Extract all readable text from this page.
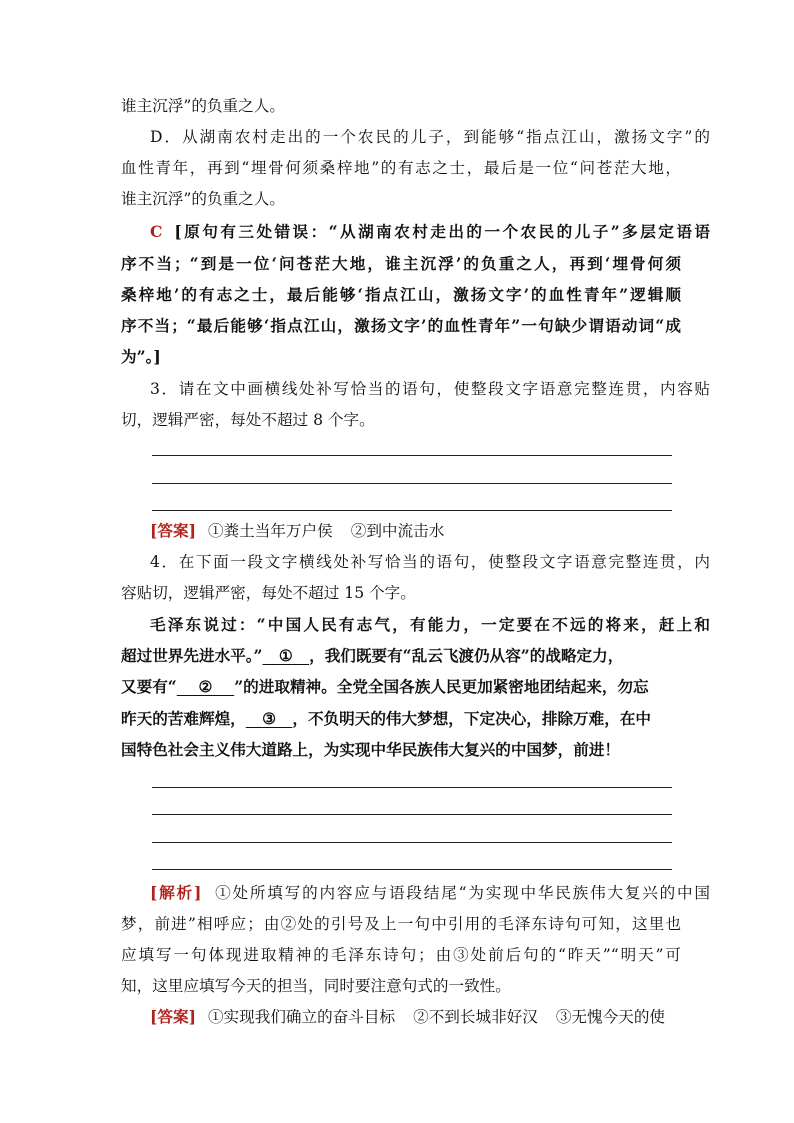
谁主沉浮”的负重之人。
D．从湖南农村走出的一个农民的儿子，到能够“指点江山，激扬文字”的
血性青年，再到“埋骨何须桑梓地”的有志之士，最后是一位“问苍茫大地，
谁主沉浮”的负重之人。
C [原句有三处错误：“从湖南农村走出的一个农民的儿子”多层定语语
序不当；“到是一位‘问苍茫大地，谁主沉浮’的负重之人，再到‘埋骨何须
桑梓地’的有志之士，最后能够‘指点江山，激扬文字’的血性青年”逻辑顺
序不当；“最后能够‘指点江山，激扬文字’的血性青年”一句缺少谓语动词“成
为”。]
3．请在文中画横线处补写恰当的语句，使整段文字语意完整连贯，内容贴
切，逻辑严密，每处不超过 8 个字。
[答案] ①粪土当年万户侯 ②到中流击水
4．在下面一段文字横线处补写恰当的语句，使整段文字语意完整连贯，内
容贴切，逻辑严密，每处不超过 15 个字。
毛泽东说过：“中国人民有志气，有能力，一定要在不远的将来，赶上和
超过世界先进水平。” ① ，我们既要有“乱云飞渡仍从容”的战略定力，
又要有“ ② ”的进取精神。全党全国各族人民更加紧密地团结起来，勿忘
昨天的苦难辉煌， ③ ，不负明天的伟大梦想，下定决心，排除万难，在中
国特色社会主义伟大道路上，为实现中华民族伟大复兴的中国梦，前进！
[解析] ①处所填写的内容应与语段结尾“为实现中华民族伟大复兴的中国
梦，前进”相呼应；由②处的引号及上一句中引用的毛泽东诗句可知，这里也
应填写一句体现进取精神的毛泽东诗句；由③处前后句的“昨天”“明天”可
知，这里应填写今天的担当，同时要注意句式的一致性。
[答案] ①实现我们确立的奋斗目标 ②不到长城非好汉 ③无愧今天的使
